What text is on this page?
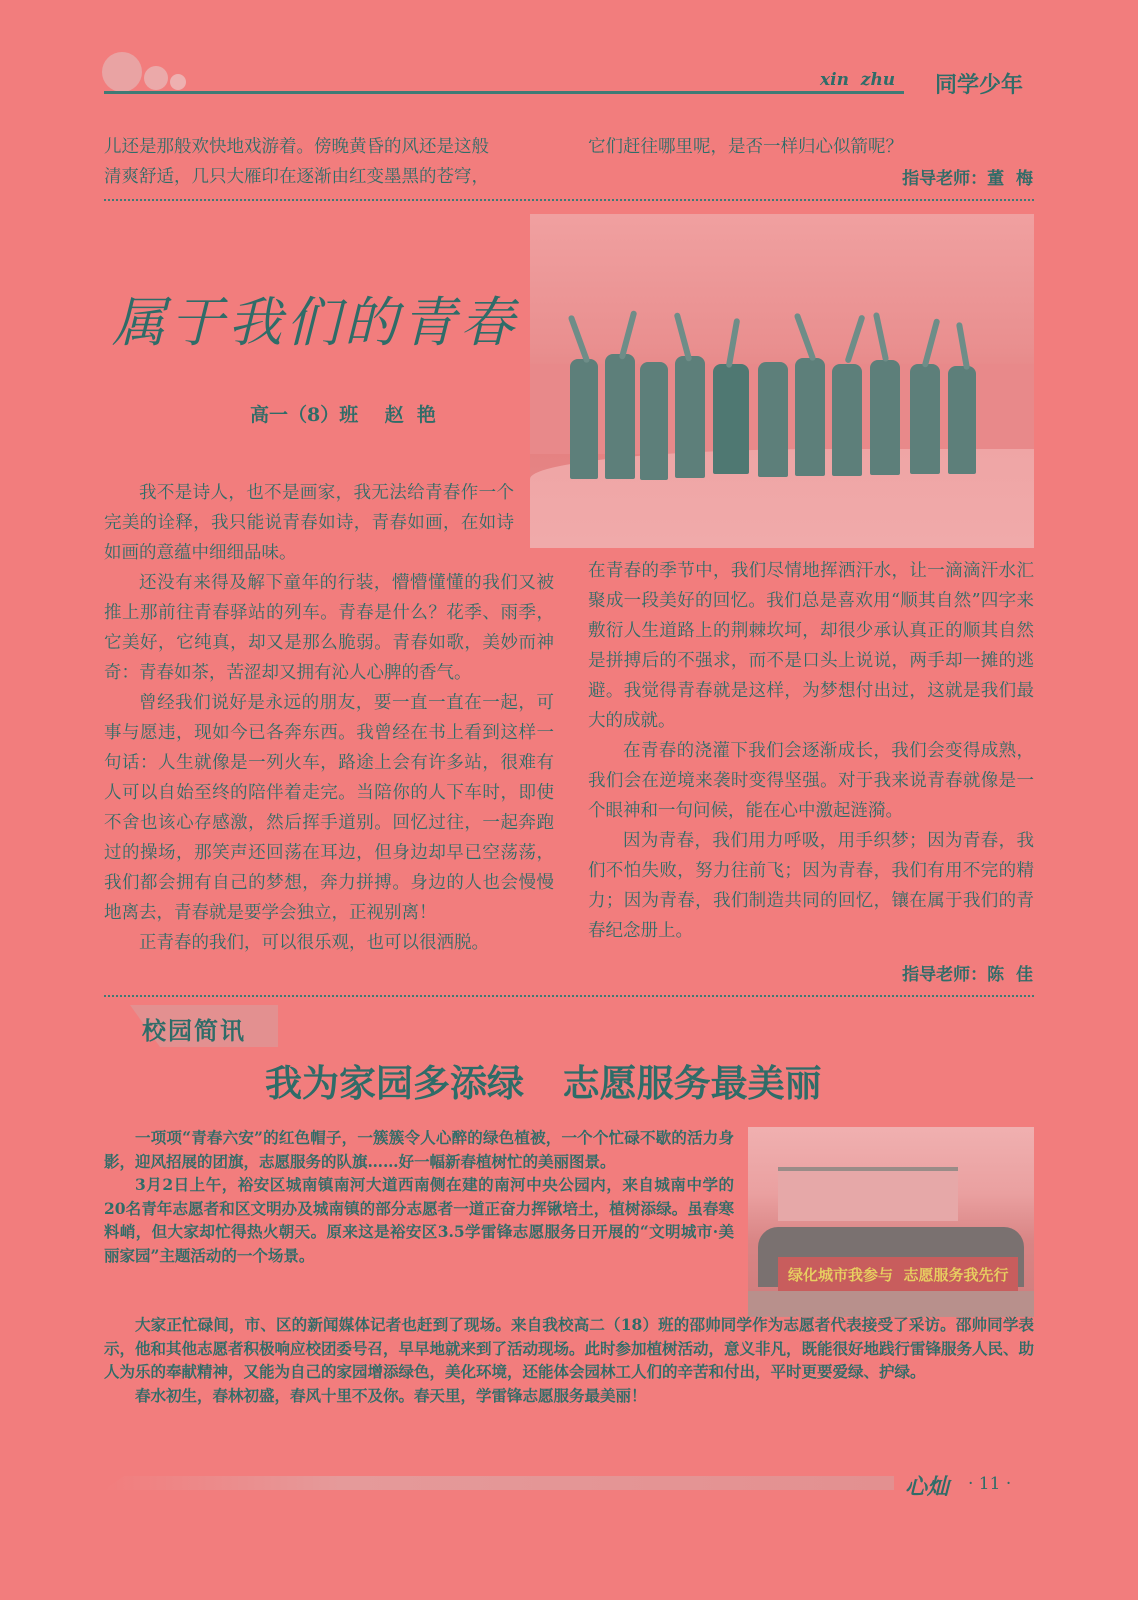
xin  zhu 同学少年
儿还是那般欢快地戏游着。傍晚黄昏的风还是这般
清爽舒适，几只大雁印在逐渐由红变墨黑的苍穹，
它们赶往哪里呢，是否一样归心似箭呢？
指导老师：董  梅
属于我们的青春
高一（8）班    赵  艳

我不是诗人，也不是画家，我无法给青春作一个完美的诠释，我只能说青春如诗，青春如画，在如诗如画的意蕴中细细品味。

还没有来得及解下童年的行装，懵懵懂懂的我们又被推上那前往青春驿站的列车。青春是什么？花季、雨季，它美好，它纯真，却又是那么脆弱。青春如歌，美妙而神奇：青春如茶，苦涩却又拥有沁人心脾的香气。

曾经我们说好是永远的朋友，要一直一直在一起，可事与愿违，现如今已各奔东西。我曾经在书上看到这样一句话：人生就像是一列火车，路途上会有许多站，很难有人可以自始至终的陪伴着走完。当陪你的人下车时，即使不舍也该心存感激，然后挥手道别。回忆过往，一起奔跑过的操场，那笑声还回荡在耳边，但身边却早已空荡荡，我们都会拥有自己的梦想，奔力拼搏。身边的人也会慢慢地离去，青春就是要学会独立，正视别离！

正青春的我们，可以很乐观，也可以很洒脱。

在青春的季节中，我们尽情地挥洒汗水，让一滴滴汗水汇聚成一段美好的回忆。我们总是喜欢用“顺其自然”四字来敷衍人生道路上的荆棘坎坷，却很少承认真正的顺其自然是拼搏后的不强求，而不是口头上说说，两手却一摊的逃避。我觉得青春就是这样，为梦想付出过，这就是我们最大的成就。

在青春的浇灌下我们会逐渐成长，我们会变得成熟，我们会在逆境来袭时变得坚强。对于我来说青春就像是一个眼神和一句问候，能在心中激起涟漪。

因为青春，我们用力呼吸，用手织梦；因为青春，我们不怕失败，努力往前飞；因为青春，我们有用不完的精力；因为青春，我们制造共同的回忆，镶在属于我们的青春纪念册上。

指导老师：陈  佳
校园简讯
我为家园多添绿   志愿服务最美丽
绿化城市我参与  志愿服务我先行

一项项“青春六安”的红色帽子，一簇簇令人心醉的绿色植被，一个个忙碌不歇的活力身影，迎风招展的团旗，志愿服务的队旗……好一幅新春植树忙的美丽图景。

3月2日上午，裕安区城南镇南河大道西南侧在建的南河中央公园内，来自城南中学的20名青年志愿者和区文明办及城南镇的部分志愿者一道正奋力挥锹培土，植树添绿。虽春寒料峭，但大家却忙得热火朝天。原来这是裕安区3.5学雷锋志愿服务日开展的“文明城市·美丽家园”主题活动的一个场景。

大家正忙碌间，市、区的新闻媒体记者也赶到了现场。来自我校高二（18）班的邵帅同学作为志愿者代表接受了采访。邵帅同学表示，他和其他志愿者积极响应校团委号召，早早地就来到了活动现场。此时参加植树活动，意义非凡，既能很好地践行雷锋服务人民、助人为乐的奉献精神，又能为自己的家园增添绿色，美化环境，还能体会园林工人们的辛苦和付出，平时更要爱绿、护绿。

春水初生，春林初盛，春风十里不及你。春天里，学雷锋志愿服务最美丽！

心灿 · 11 ·
